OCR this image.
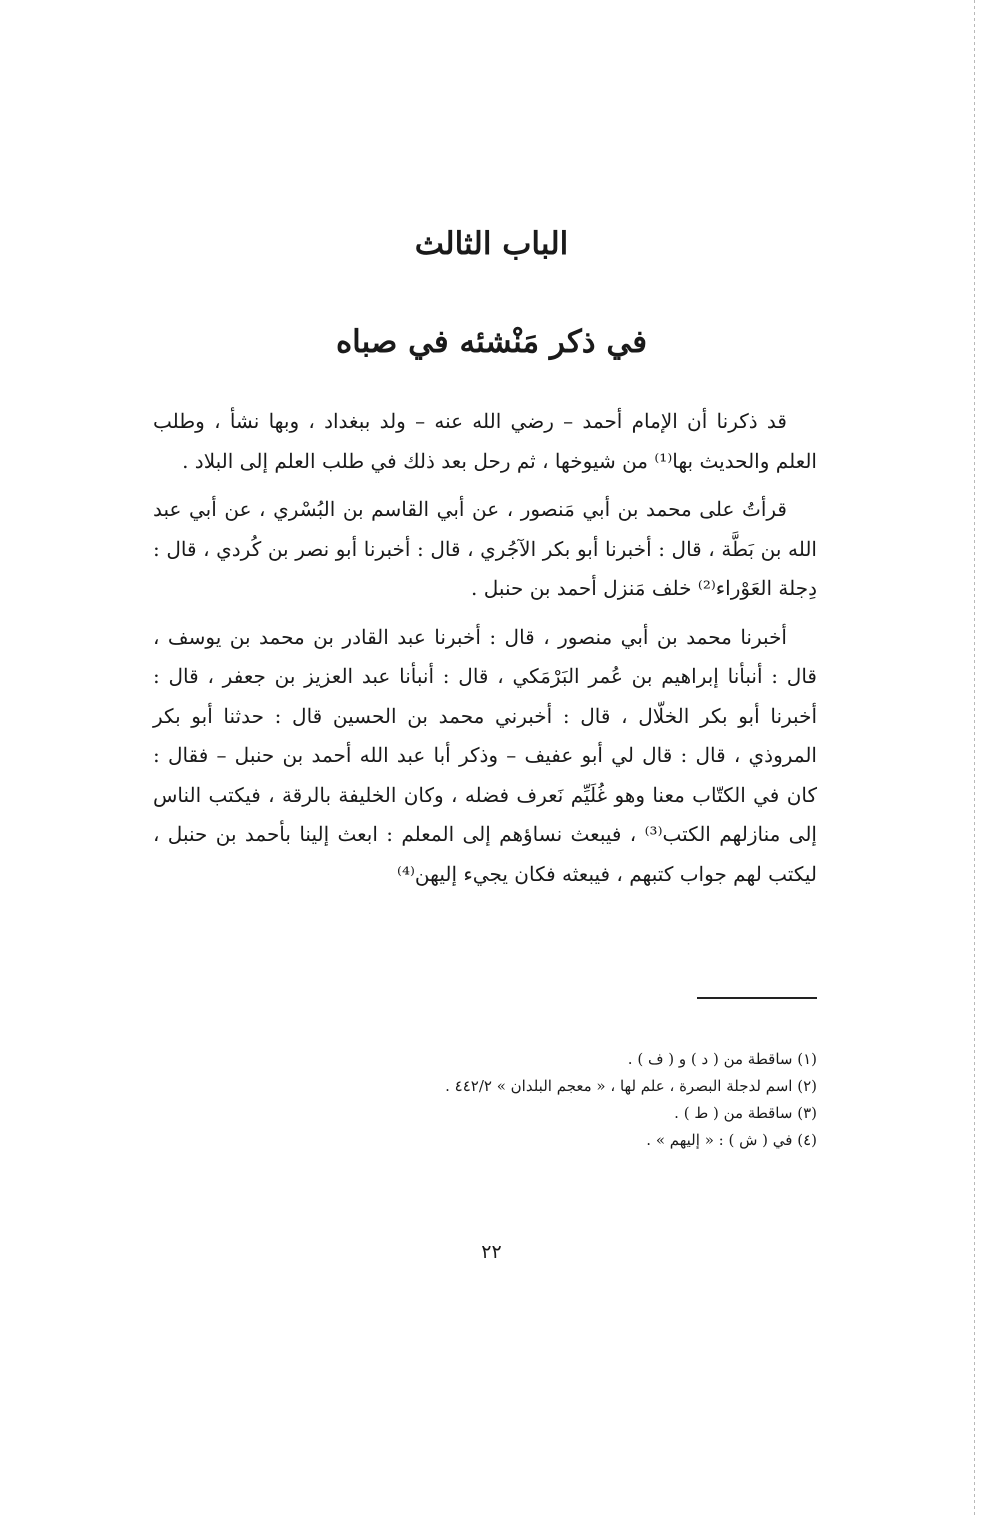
الباب الثالث
في ذكر مَنْشئه في صباه

قد ذكرنا أن الإمام أحمد – رضي الله عنه – ولد ببغداد ، وبها نشأ ، وطلب العلم والحديث بها⁽¹⁾ من شيوخها ، ثم رحل بعد ذلك في طلب العلم إلى البلاد .

قرأتُ على محمد بن أبي مَنصور ، عن أبي القاسم بن البُسْري ، عن أبي عبد الله بن بَطَّة ، قال : أخبرنا أبو بكر الآجُري ، قال : أخبرنا أبو نصر بن كُردي ، قال : دِجلة العَوْراء⁽²⁾ خلف مَنزل أحمد بن حنبل .

أخبرنا محمد بن أبي منصور ، قال : أخبرنا عبد القادر بن محمد بن يوسف ، قال : أنبأنا إبراهيم بن عُمر البَرْمَكي ، قال : أنبأنا عبد العزيز بن جعفر ، قال : أخبرنا أبو بكر الخلّال ، قال : أخبرني محمد بن الحسين قال : حدثنا أبو بكر المروذي ، قال : قال لي أبو عفيف – وذكر أبا عبد الله أحمد بن حنبل – فقال : كان في الكتّاب معنا وهو غُلَيِّم نَعرف فضله ، وكان الخليفة بالرقة ، فيكتب الناس إلى منازلهم الكتب⁽³⁾ ، فيبعث نساؤهم إلى المعلم : ابعث إلينا بأحمد بن حنبل ، ليكتب لهم جواب كتبهم ، فيبعثه فكان يجيء إليهن⁽⁴⁾

(١) ساقطة من ( د ) و ( ف ) .

(٢) اسم لدجلة البصرة ، علم لها ، « معجم البلدان » ٤٤٢/٢ .

(٣) ساقطة من ( ط ) .

(٤) في ( ش ) : « إليهم » .

٢٢
